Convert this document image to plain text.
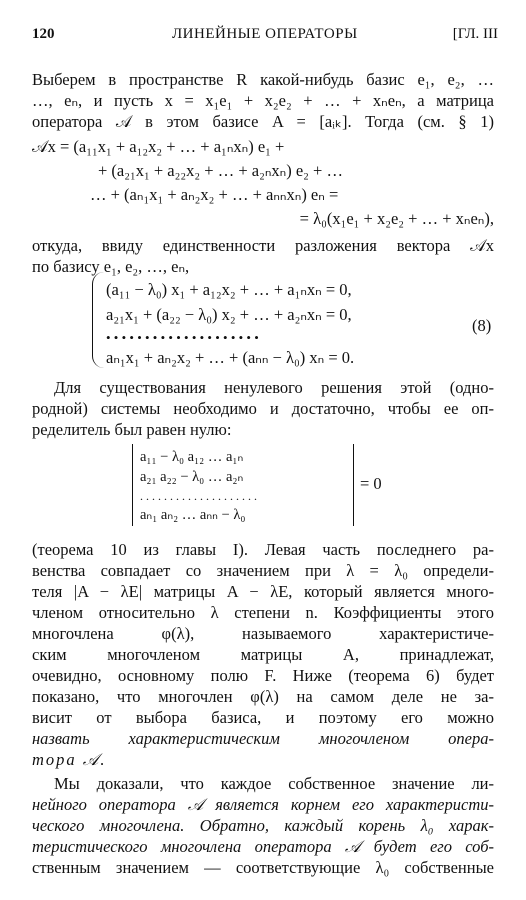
120	ЛИНЕЙНЫЕ ОПЕРАТОРЫ	[ГЛ. III
Выберем в пространстве R какой-нибудь базис e₁, e₂, …
…, eₙ, и пусть x = x₁e₁ + x₂e₂ + … + xₙeₙ, а матрица
оператора 𝒜 в этом базисе A = [aᵢₖ]. Тогда (см. § 1)
𝒜x = (a₁₁x₁ + a₁₂x₂ + … + a₁ₙxₙ) e₁ +
+ (a₂₁x₁ + a₂₂x₂ + … + a₂ₙxₙ) e₂ + …
… + (aₙ₁x₁ + aₙ₂x₂ + … + aₙₙxₙ) eₙ =
= λ₀(x₁e₁ + x₂e₂ + … + xₙeₙ),
откуда, ввиду единственности разложения вектора 𝒜x
по базису e₁, e₂, …, eₙ,
(a₁₁ − λ₀) x₁ + a₁₂x₂ + … + a₁ₙxₙ = 0,
a₂₁x₁ + (a₂₂ − λ₀) x₂ + … + a₂ₙxₙ = 0,
• • • • • • • • • • • • • • • • • • • •
aₙ₁x₁ + aₙ₂x₂ + … + (aₙₙ − λ₀) xₙ = 0.
(8)
Для существования ненулевого решения этой (одно-
родной) системы необходимо и достаточно, чтобы ее оп-
ределитель был равен нулю:
a₁₁ − λ₀ a₁₂ … a₁ₙ
a₂₁ a₂₂ − λ₀ … a₂ₙ
. . . . . . . . . . . . . . . . . . . .
aₙ₁ aₙ₂ … aₙₙ − λ₀
= 0
(теорема 10 из главы I). Левая часть последнего ра-
венства совпадает со значением при λ = λ₀ определи-
теля |A − λE| матрицы A − λE, который является много-
членом относительно λ степени n. Коэффициенты этого
многочлена φ(λ), называемого характеристиче-
ским многочленом матрицы A, принадлежат,
очевидно, основному полю F. Ниже (теорема 6) будет
показано, что многочлен φ(λ) на самом деле не за-
висит от выбора базиса, и поэтому его можно
назвать характеристическим многочленом опера-
тора 𝒜.
Мы доказали, что каждое собственное значение ли-
нейного оператора 𝒜 является корнем его характеристи-
ческого многочлена. Обратно, каждый корень λ₀ харак-
теристического многочлена оператора 𝒜 будет его соб-
ственным значением — соответствующие λ₀ собственные
